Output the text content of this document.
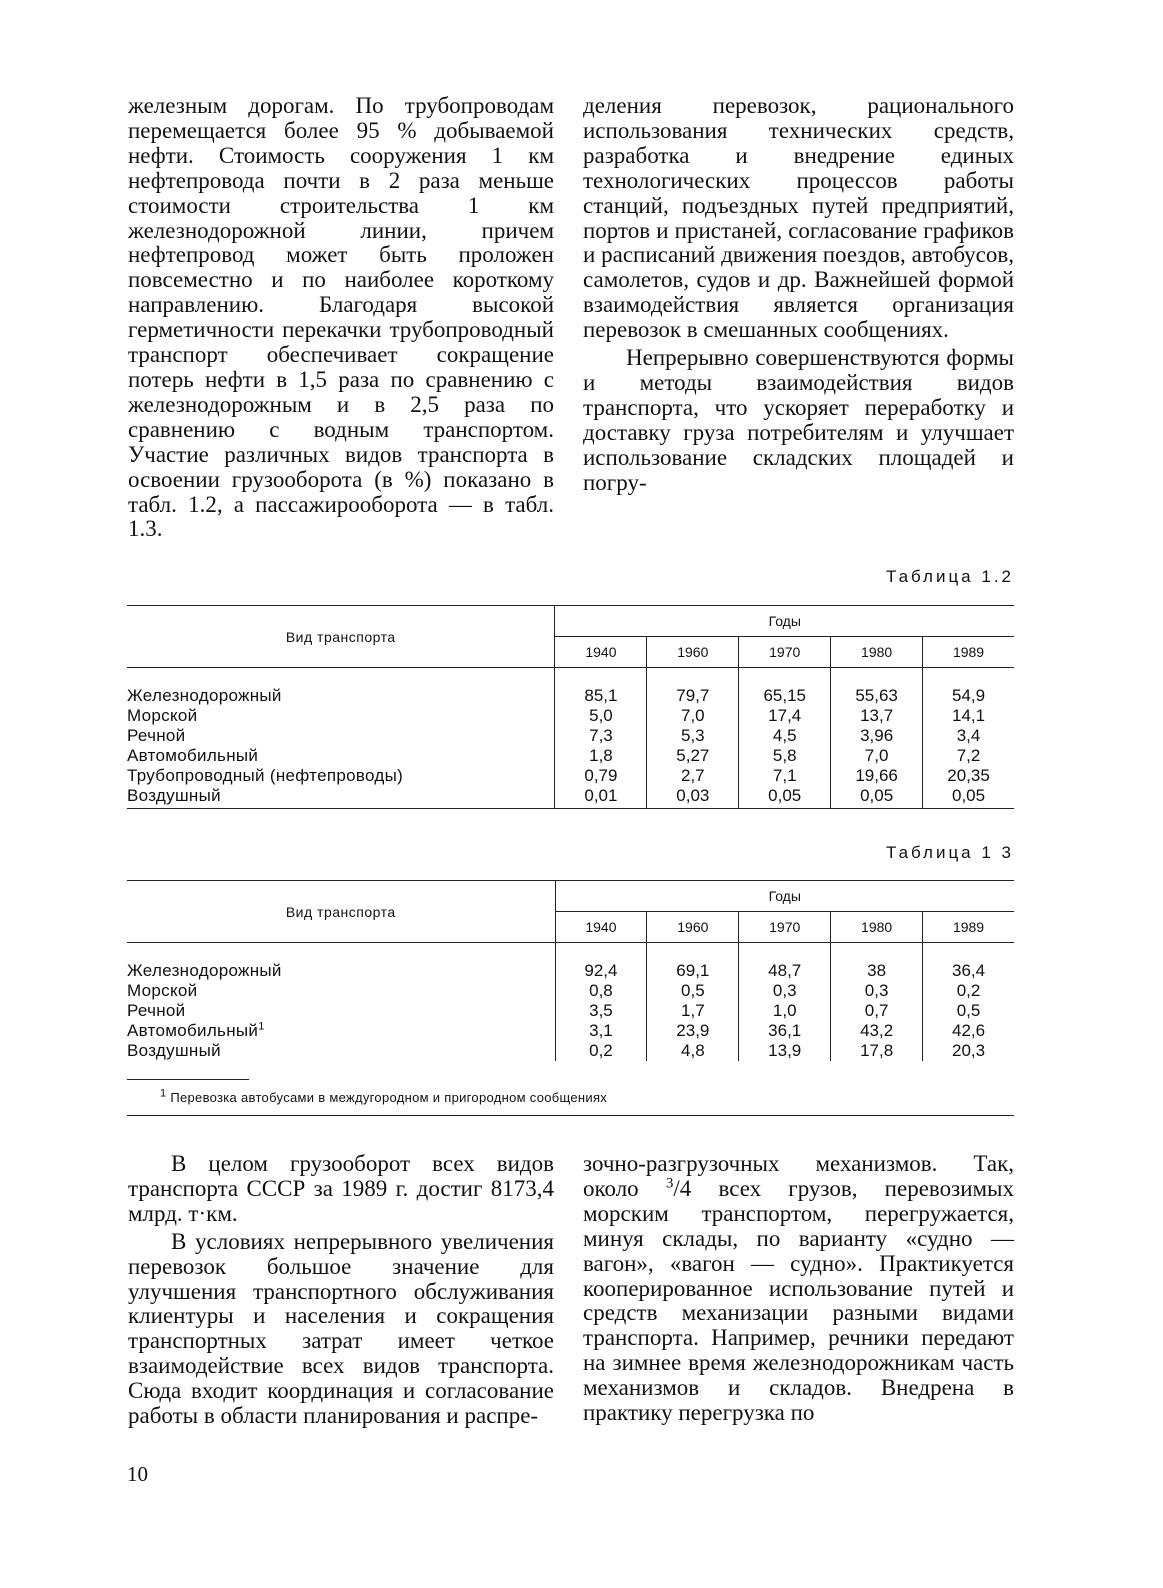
железным дорогам. По трубопроводам перемещается более 95 % добываемой нефти. Стоимость сооружения 1 км нефтепровода почти в 2 раза меньше стоимости строительства 1 км железнодорожной линии, причем нефтепровод может быть проложен повсеместно и по наиболее короткому направлению. Благодаря высокой герметичности перекачки трубопроводный транспорт обеспечивает сокращение потерь нефти в 1,5 раза по сравнению с железнодорожным и в 2,5 раза по сравнению с водным транспортом. Участие различных видов транспорта в освоении грузооборота (в %) показано в табл. 1.2, а пассажирооборота — в табл. 1.3.

деления перевозок, рационального использования технических средств, разработка и внедрение единых технологических процессов работы станций, подъездных путей предприятий, портов и пристаней, согласование графиков и расписаний движения поездов, автобусов, самолетов, судов и др. Важнейшей формой взаимодействия является организация перевозок в смешанных сообщениях.

Непрерывно совершенствуются формы и методы взаимодействия видов транспорта, что ускоряет переработку и доставку груза потребителям и улучшает использование складских площадей и погру-

Таблица 1.2
Вид транспорта	Годы				
	1940	1960	1970	1980	1989

Железнодорожный	85,1	79,7	65,15	55,63	54,9
Морской	5,0	7,0	17,4	13,7	14,1
Речной	7,3	5,3	4,5	3,96	3,4
Автомобильный	1,8	5,27	5,8	7,0	7,2
Трубопроводный (нефтепроводы)	0,79	2,7	7,1	19,66	20,35
Воздушный	0,01	0,03	0,05	0,05	0,05
Таблица 1 3
Вид транспорта	Годы				
	1940	1960	1970	1980	1989

Железнодорожный	92,4	69,1	48,7	38	36,4
Морской	0,8	0,5	0,3	0,3	0,2
Речной	3,5	1,7	1,0	0,7	0,5
Автомобильный$^1$	3,1	23,9	36,1	43,2	42,6
Воздушный	0,2	4,8	13,9	17,8	20,3
$^1$ Перевозка автобусами в междугородном и пригородном сообщениях

В целом грузооборот всех видов транспорта СССР за 1989 г. достиг 8173,4 млрд. т·км.

В условиях непрерывного увеличения перевозок большое значение для улучшения транспортного обслуживания клиентуры и населения и сокращения транспортных затрат имеет четкое взаимодействие всех видов транспорта. Сюда входит координация и согласование работы в области планирования и распре-

зочно-разгрузочных механизмов. Так, около $^3$/4 всех грузов, перевозимых морским транспортом, перегружается, минуя склады, по варианту «судно — вагон», «вагон — судно». Практикуется кооперированное использование путей и средств механизации разными видами транспорта. Например, речники передают на зимнее время железнодорожникам часть механизмов и складов. Внедрена в практику перегрузка по

10
